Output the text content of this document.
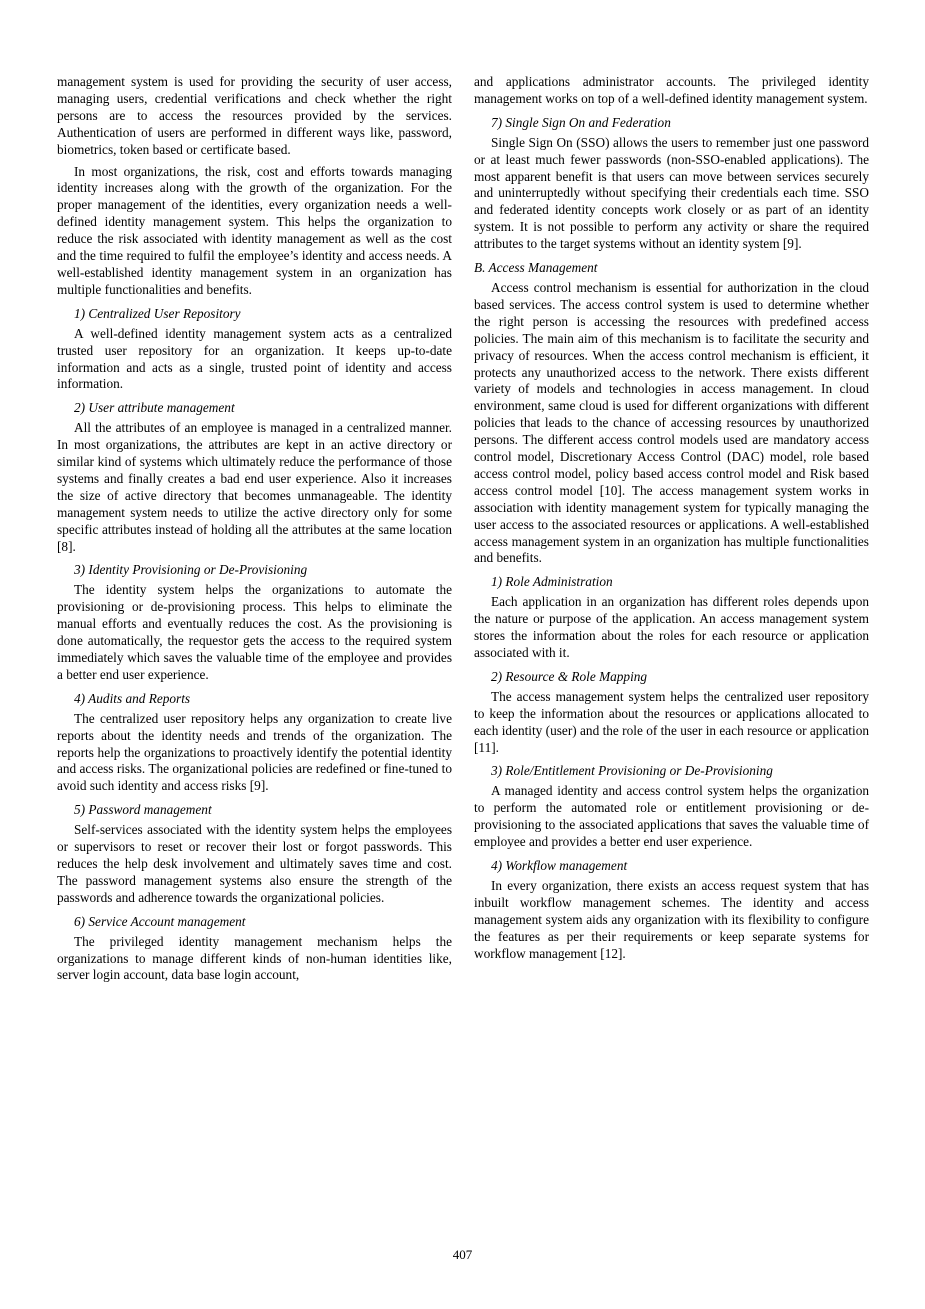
management system is used for providing the security of user access, managing users, credential verifications and check whether the right persons are to access the resources provided by the services. Authentication of users are performed in different ways like, password, biometrics, token based or certificate based.

In most organizations, the risk, cost and efforts towards managing identity increases along with the growth of the organization. For the proper management of the identities, every organization needs a well-defined identity management system. This helps the organization to reduce the risk associated with identity management as well as the cost and the time required to fulfil the employee’s identity and access needs. A well-established identity management system in an organization has multiple functionalities and benefits.

1) Centralized User Repository

A well-defined identity management system acts as a centralized trusted user repository for an organization. It keeps up-to-date information and acts as a single, trusted point of identity and access information.

2) User attribute management

All the attributes of an employee is managed in a centralized manner. In most organizations, the attributes are kept in an active directory or similar kind of systems which ultimately reduce the performance of those systems and finally creates a bad end user experience. Also it increases the size of active directory that becomes unmanageable. The identity management system needs to utilize the active directory only for some specific attributes instead of holding all the attributes at the same location [8].

3) Identity Provisioning or De-Provisioning

The identity system helps the organizations to automate the provisioning or de-provisioning process. This helps to eliminate the manual efforts and eventually reduces the cost. As the provisioning is done automatically, the requestor gets the access to the required system immediately which saves the valuable time of the employee and provides a better end user experience.

4) Audits and Reports

The centralized user repository helps any organization to create live reports about the identity needs and trends of the organization. The reports help the organizations to proactively identify the potential identity and access risks. The organizational policies are redefined or fine-tuned to avoid such identity and access risks [9].

5) Password management

Self-services associated with the identity system helps the employees or supervisors to reset or recover their lost or forgot passwords. This reduces the help desk involvement and ultimately saves time and cost. The password management systems also ensure the strength of the passwords and adherence towards the organizational policies.

6) Service Account management

The privileged identity management mechanism helps the organizations to manage different kinds of non-human identities like, server login account, data base login account,

and applications administrator accounts. The privileged identity management works on top of a well-defined identity management system.

7) Single Sign On and Federation

Single Sign On (SSO) allows the users to remember just one password or at least much fewer passwords (non-SSO-enabled applications). The most apparent benefit is that users can move between services securely and uninterruptedly without specifying their credentials each time. SSO and federated identity concepts work closely or as part of an identity system. It is not possible to perform any activity or share the required attributes to the target systems without an identity system [9].

B. Access Management

Access control mechanism is essential for authorization in the cloud based services. The access control system is used to determine whether the right person is accessing the resources with predefined access policies. The main aim of this mechanism is to facilitate the security and privacy of resources. When the access control mechanism is efficient, it protects any unauthorized access to the network. There exists different variety of models and technologies in access management. In cloud environment, same cloud is used for different organizations with different policies that leads to the chance of accessing resources by unauthorized persons. The different access control models used are mandatory access control model, Discretionary Access Control (DAC) model, role based access control model, policy based access control model and Risk based access control model [10]. The access management system works in association with identity management system for typically managing the user access to the associated resources or applications. A well-established access management system in an organization has multiple functionalities and benefits.

1) Role Administration

Each application in an organization has different roles depends upon the nature or purpose of the application. An access management system stores the information about the roles for each resource or application associated with it.

2) Resource & Role Mapping

The access management system helps the centralized user repository to keep the information about the resources or applications allocated to each identity (user) and the role of the user in each resource or application [11].

3) Role/Entitlement Provisioning or De-Provisioning

A managed identity and access control system helps the organization to perform the automated role or entitlement provisioning or de-provisioning to the associated applications that saves the valuable time of employee and provides a better end user experience.

4) Workflow management

In every organization, there exists an access request system that has inbuilt workflow management schemes. The identity and access management system aids any organization with its flexibility to configure the features as per their requirements or keep separate systems for workflow management [12].

407
